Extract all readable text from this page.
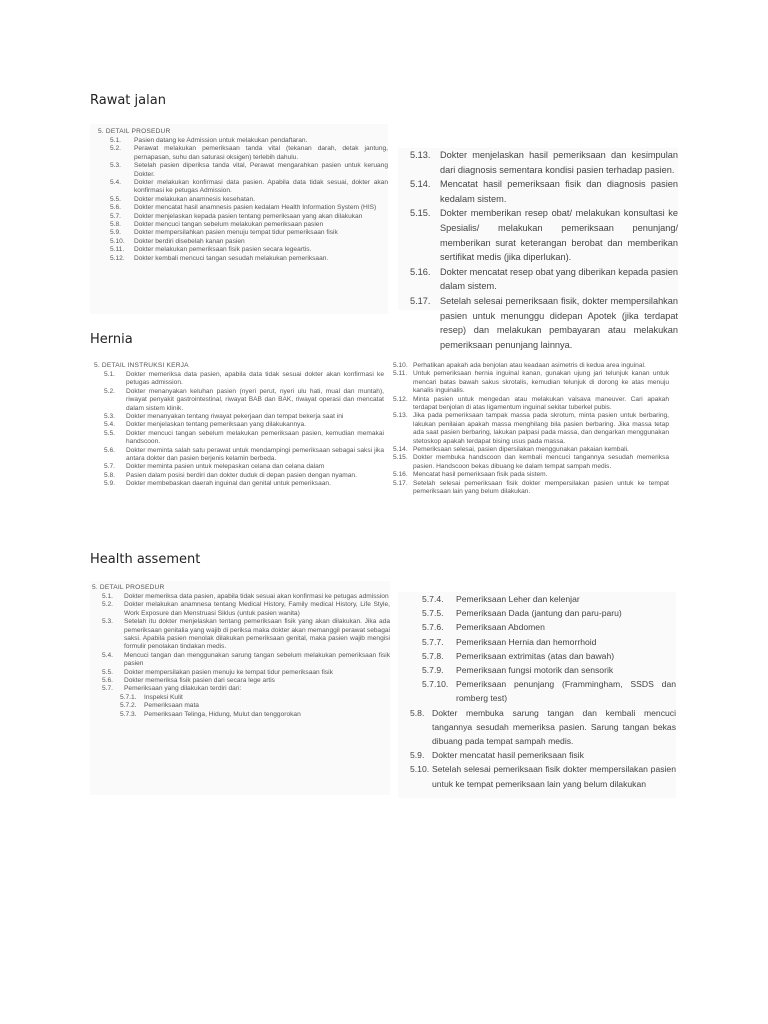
Rawat jalan

5. DETAIL PROSEDUR

5.1.	Pasien datang ke Admission untuk melakukan pendaftaran.
5.2.	Perawat melakukan pemeriksaan tanda vital (tekanan darah, detak jantung, pernapasan, suhu dan saturasi oksigen) terlebih dahulu.
5.3.	Setelah pasien diperiksa tanda vital, Perawat mengarahkan pasien untuk keruang Dokter.
5.4.	Dokter melakukan konfirmasi data pasien. Apabila data tidak sesuai, dokter akan konfirmasi ke petugas Admission.
5.5.	Dokter melakukan anamnesis kesehatan.
5.6.	Dokter mencatat hasil anamnesis pasien kedalam Health Information System (HIS)
5.7.	Dokter menjelaskan kepada pasien tentang pemeriksaan yang akan dilakukan
5.8.	Dokter mencuci tangan sebelum melakukan pemeriksaan pasien
5.9.	Dokter mempersilahkan pasien menuju tempat tidur pemeriksaan fisik
5.10.	Dokter berdiri disebelah kanan pasien
5.11.	Dokter melakukan pemeriksaan fisik pasien secara legeartis.
5.12.	Dokter kembali mencuci tangan sesudah melakukan pemeriksaan.
5.13.	Dokter menjelaskan hasil pemeriksaan dan kesimpulan dari diagnosis sementara kondisi pasien terhadap pasien.
5.14.	Mencatat hasil pemeriksaan fisik dan diagnosis pasien kedalam sistem.
5.15.	Dokter memberikan resep obat/ melakukan konsultasi ke Spesialis/ melakukan pemeriksaan penunjang/ memberikan surat keterangan berobat dan memberikan sertifikat medis (jika diperlukan).
5.16.	Dokter mencatat resep obat yang diberikan kepada pasien dalam sistem.
5.17.	Setelah selesai pemeriksaan fisik, dokter mempersilahkan pasien untuk menunggu didepan Apotek (jika terdapat resep) dan melakukan pembayaran atau melakukan pemeriksaan penunjang lainnya.
Hernia

5. DETAIL INSTRUKSI KERJA

5.1.	Dokter memeriksa data pasien, apabila data tidak sesuai dokter akan konfirmasi ke petugas admission.
5.2.	Dokter menanyakan keluhan pasien (nyeri perut, nyeri ulu hati, mual dan muntah), riwayat penyakit gastrointestinal, riwayat BAB dan BAK, riwayat operasi dan mencatat dalam sistem klinik.
5.3.	Dokter menanyakan tentang riwayat pekerjaan dan tempat bekerja saat ini
5.4.	Dokter menjelaskan tentang pemeriksaan yang dilakukannya.
5.5.	Dokter mencuci tangan sebelum melakukan pemeriksaan pasien, kemudian memakai handscoon.
5.6.	Dokter meminta salah satu perawat untuk mendampingi pemeriksaan sebagai saksi jika antara dokter dan pasien berjenis kelamin berbeda.
5.7.	Dokter meminta pasien untuk melepaskan celana dan celana dalam
5.8.	Pasien dalam posisi berdiri dan dokter duduk di depan pasien dengan nyaman.
5.9.	Dokter membebaskan daerah inguinal dan genital untuk pemeriksaan.
5.10. Perhatikan apakah ada benjolan atau keadaan asimetris di kedua area inguinal.
5.11. Untuk pemeriksaan hernia inguinal kanan, gunakan ujung jari telunjuk kanan untuk mencari batas bawah sakus skrotalis, kemudian telunjuk di dorong ke atas menuju kanalis inguinalis.
5.12. Minta pasien untuk mengedan atau melakukan valsava maneuver. Cari apakah terdapat benjolan di atas ligamentum inguinal sekitar tuberkel pubis.
5.13. Jika pada pemeriksaan tampak massa pada skrotum, minta pasien untuk berbaring, lakukan penilaian apakah massa menghilang bila pasien berbaring. Jika massa tetap ada saat pasien berbaring, lakukan palpasi pada massa, dan dengarkan menggunakan stetoskop apakah terdapat bising usus pada massa.
5.14. Pemeriksaan selesai, pasien dipersilakan menggunakan pakaian kembali.
5.15. Dokter membuka handscoon dan kembali mencuci tangannya sesudah memeriksa pasien. Handscoon bekas dibuang ke dalam tempat sampah medis.
5.16. Mencatat hasil pemeriksaan fisik pada sistem.
5.17. Setelah selesai pemeriksaan fisik dokter mempersilakan pasien untuk ke tempat pemeriksaan lain yang belum dilakukan.
Health assement

5. DETAIL PROSEDUR

5.1.	Dokter memeriksa data pasien, apabila tidak sesuai akan konfirmasi ke petugas admission
5.2.	Dokter melakukan anamnesa tentang Medical History, Family medical History, Life Style, Work Exposure dan Menstruasi Siklus (untuk pasien wanita)
5.3.	Setelah itu dokter menjelaskan tentang pemeriksaan fisik yang akan dilakukan. Jika ada pemeriksaan genitalia yang wajib di periksa maka dokter akan memanggil perawat sebagai saksi. Apabila pasien menolak dilakukan pemeriksaan genital, maka pasien wajib mengisi formulir penolakan tindakan medis.
5.4.	Mencuci tangan dan menggunakan sarung tangan sebelum melakukan pemeriksaan fisik pasien
5.5.	Dokter mempersilakan pasien menuju ke tempat tidur pemeriksaan fisik
5.6.	Dokter memeriksa fisik pasien dari secara lege artis
5.7.	Pemeriksaan yang dilakukan terdiri dari:
5.7.1.	Inspeksi Kulit
5.7.2.	Pemeriksaan mata
5.7.3.	Pemeriksaan Telinga, Hidung, Mulut dan tenggorokan
5.7.4.	Pemeriksaan Leher dan kelenjar
5.7.5.	Pemeriksaan Dada (jantung dan paru-paru)
5.7.6.	Pemeriksaan Abdomen
5.7.7.	Pemeriksaan Hernia dan hemorrhoid
5.7.8.	Pemeriksaan extrimitas (atas dan bawah)
5.7.9.	Pemeriksaan fungsi motorik dan sensorik
5.7.10. Pemeriksaan penunjang (Frammingham, SSDS dan romberg test)
5.8. Dokter membuka sarung tangan dan kembali mencuci tangannya sesudah memeriksa pasien. Sarung tangan bekas dibuang pada tempat sampah medis.
5.9. Dokter mencatat hasil pemeriksaan fisik
5.10. Setelah selesai pemeriksaan fisik dokter mempersilakan pasien untuk ke tempat pemeriksaan lain yang belum dilakukan
